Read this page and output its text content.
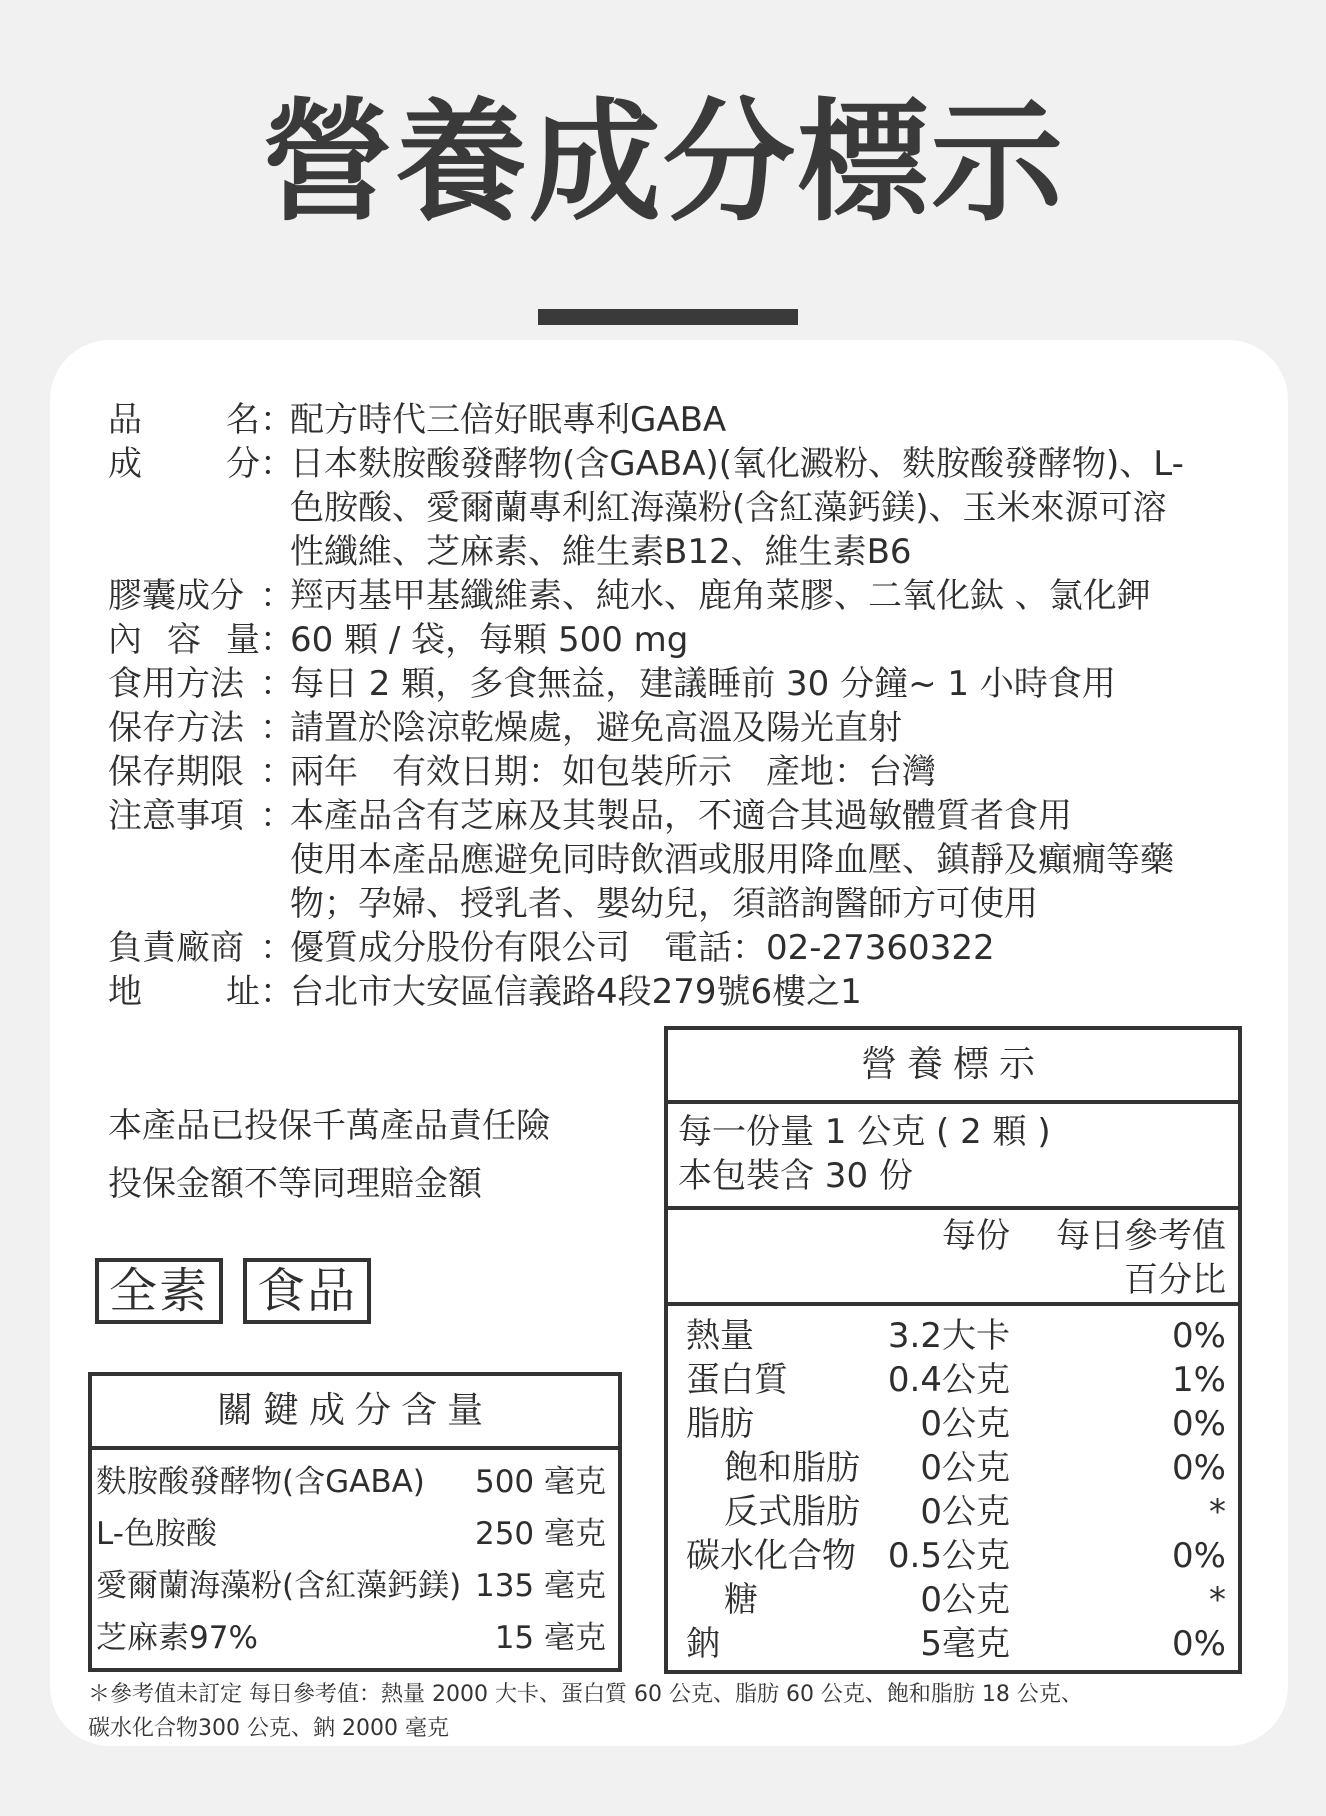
營養成分標示
品 名 ：
配方時代三倍好眠專利GABA
成 分 ：
日本麩胺酸發酵物(含GABA)(氧化澱粉、麩胺酸發酵物)、L-
色胺酸、愛爾蘭專利紅海藻粉(含紅藻鈣鎂)、玉米來源可溶
性纖維、芝麻素、維生素B12、維生素B6
膠囊成分 ：
羥丙基甲基纖維素、純水、鹿角菜膠、二氧化鈦 、氯化鉀
內 容 量 ：
60 顆 / 袋，每顆 500 mg
食用方法 ：
每日 2 顆，多食無益，建議睡前 30 分鐘~ 1 小時食用
保存方法 ：
請置於陰涼乾燥處，避免高溫及陽光直射
保存期限 ：
兩年　有效日期：如包裝所示　產地：台灣
注意事項 ：
本產品含有芝麻及其製品，不適合其過敏體質者食用
使用本產品應避免同時飲酒或服用降血壓、鎮靜及癲癇等藥
物；孕婦、授乳者、嬰幼兒，須諮詢醫師方可使用
負責廠商 ：
優質成分股份有限公司　電話：02-27360322
地 址 ：
台北市大安區信義路4段279號6樓之1
本產品已投保千萬產品責任險
投保金額不等同理賠金額
全素 食品
關鍵成分含量
麩胺酸發酵物(含GABA) 500 毫克
L-色胺酸	250 毫克
愛爾蘭海藻粉(含紅藻鈣鎂) 135 毫克
芝麻素97%	15 毫克
營養標示
每一份量 1 公克 ( 2 顆 )
本包裝含 30 份
每份 每日參考值
百分比
熱量	3.2大卡	0%
蛋白質	0.4公克	1%
脂肪	0公克	0%
飽和脂肪 0公克	0%
反式脂肪 0公克	*
碳水化合物 0.5公克	0%
糖	0公克	*
鈉	5毫克	0%
＊參考值未訂定 每日參考值：熱量 2000 大卡、蛋白質 60 公克、脂肪 60 公克、飽和脂肪 18 公克、
碳水化合物300 公克、鈉 2000 毫克
